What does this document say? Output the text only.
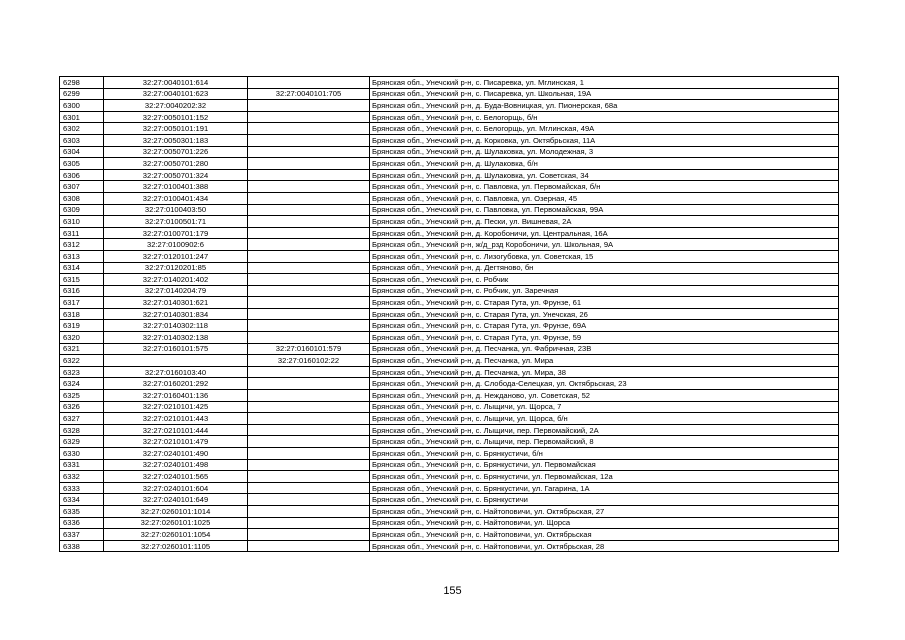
6298	32:27:0040101:614		Брянская обл., Унечский р-н, с. Писаревка, ул. Мглинская, 1
6299	32:27:0040101:623	32:27:0040101:705	Брянская обл., Унечский р-н, с. Писаревка, ул. Школьная, 19А
6300	32:27:0040202:32		Брянская обл., Унечский р-н, д. Буда-Вовницкая, ул. Пионерская, 68а
6301	32:27:0050101:152		Брянская обл., Унечский р-н, с. Белогорщь, б/н
6302	32:27:0050101:191		Брянская обл., Унечский р-н, с. Белогорщь, ул. Мглинская, 49А
6303	32:27:0050301:183		Брянская обл., Унечский р-н, д. Корковка, ул. Октябрьская, 11А
6304	32:27:0050701:226		Брянская обл., Унечский р-н, д. Шулаковка, ул. Молодежная, 3
6305	32:27:0050701:280		Брянская обл., Унечский р-н, д. Шулаковка, б/н
6306	32:27:0050701:324		Брянская обл., Унечский р-н, д. Шулаковка, ул. Советская, 34
6307	32:27:0100401:388		Брянская обл., Унечский р-н, с. Павловка, ул. Первомайская, б/н
6308	32:27:0100401:434		Брянская обл., Унечский р-н, с. Павловка, ул. Озерная, 45
6309	32:27:0100403:50		Брянская обл., Унечский р-н, с. Павловка, ул. Первомайская, 99А
6310	32:27:0100501:71		Брянская обл., Унечский р-н, д. Пески, ул. Вишневая, 2А
6311	32:27:0100701:179		Брянская обл., Унечский р-н, д. Коробоничи, ул. Центральная, 16А
6312	32:27:0100902:6		Брянская обл., Унечский р-н, ж/д_рзд Коробоничи, ул. Школьная, 9А
6313	32:27:0120101:247		Брянская обл., Унечский р-н, с. Лизогубовка, ул. Советская, 15
6314	32:27:0120201:85		Брянская обл., Унечский р-н, д. Дегтяново, бн
6315	32:27:0140201:402		Брянская обл., Унечский р-н, с. Робчик
6316	32:27:0140204:79		Брянская обл., Унечский р-н, с. Робчик, ул. Заречная
6317	32:27:0140301:621		Брянская обл., Унечский р-н, с. Старая Гута, ул. Фрунзе, 61
6318	32:27:0140301:834		Брянская обл., Унечский р-н, с. Старая Гута, ул. Унечская, 26
6319	32:27:0140302:118		Брянская обл., Унечский р-н, с. Старая Гута, ул. Фрунзе, 69А
6320	32:27:0140302:138		Брянская обл., Унечский р-н, с. Старая Гута, ул. Фрунзе, 59
6321	32:27:0160101:575	32:27:0160101:579	Брянская обл., Унечский р-н, д. Песчанка, ул. Фабричная, 23В
6322		32:27:0160102:22	Брянская обл., Унечский р-н, д. Песчанка, ул. Мира
6323	32:27:0160103:40		Брянская обл., Унечский р-н, д. Песчанка, ул. Мира, 38
6324	32:27:0160201:292		Брянская обл., Унечский р-н, д. Слобода-Селецкая, ул. Октябрьская, 23
6325	32:27:0160401:136		Брянская обл., Унечский р-н, д. Нежданово, ул. Советская, 52
6326	32:27:0210101:425		Брянская обл., Унечский р-н, с. Лыщичи, ул. Щорса, 7
6327	32:27:0210101:443		Брянская обл., Унечский р-н, с. Лыщичи, ул. Щорса, б/н
6328	32:27:0210101:444		Брянская обл., Унечский р-н, с. Лыщичи, пер. Первомайский, 2А
6329	32:27:0210101:479		Брянская обл., Унечский р-н, с. Лыщичи, пер. Первомайский, 8
6330	32:27:0240101:490		Брянская обл., Унечский р-н, с. Брянкустичи, б/н
6331	32:27:0240101:498		Брянская обл., Унечский р-н, с. Брянкустичи, ул. Первомайская
6332	32:27:0240101:565		Брянская обл., Унечский р-н, с. Брянкустичи, ул. Первомайская, 12а
6333	32:27:0240101:604		Брянская обл., Унечский р-н, с. Брянкустичи, ул. Гагарина, 1А
6334	32:27:0240101:649		Брянская обл., Унечский р-н, с. Брянкустичи
6335	32:27:0260101:1014		Брянская обл., Унечский р-н, с. Найтоповичи, ул. Октябрьская, 27
6336	32:27:0260101:1025		Брянская обл., Унечский р-н, с. Найтоповичи, ул. Щорса
6337	32:27:0260101:1054		Брянская обл., Унечский р-н, с. Найтоповичи, ул. Октябрьская
6338	32:27:0260101:1105		Брянская обл., Унечский р-н, с. Найтоповичи, ул. Октябрьская, 28
155
